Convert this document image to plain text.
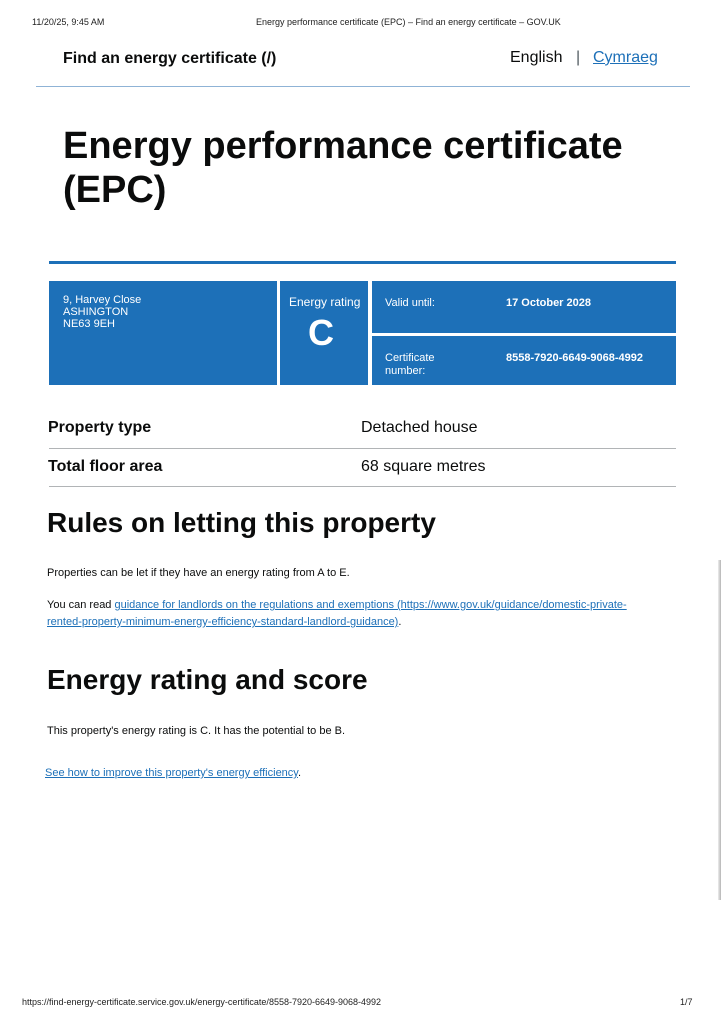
11/20/25, 9:45 AM	Energy performance certificate (EPC) – Find an energy certificate – GOV.UK
Find an energy certificate (/)	English | Cymraeg
Energy performance certificate (EPC)
9, Harvey Close
ASHINGTON
NE63 9EH
Energy rating
C
Valid until:	17 October 2028
Certificate
number:
8558-7920-6649-9068-4992
Property type	Detached house
Total floor area	68 square metres
Rules on letting this property
Properties can be let if they have an energy rating from A to E.
You can read guidance for landlords on the regulations and exemptions (https://www.gov.uk/guidance/domestic-private-
rented-property-minimum-energy-efficiency-standard-landlord-guidance).
Energy rating and score
This property's energy rating is C. It has the potential to be B.
See how to improve this property's energy efficiency.
https://find-energy-certificate.service.gov.uk/energy-certificate/8558-7920-6649-9068-4992	1/7
